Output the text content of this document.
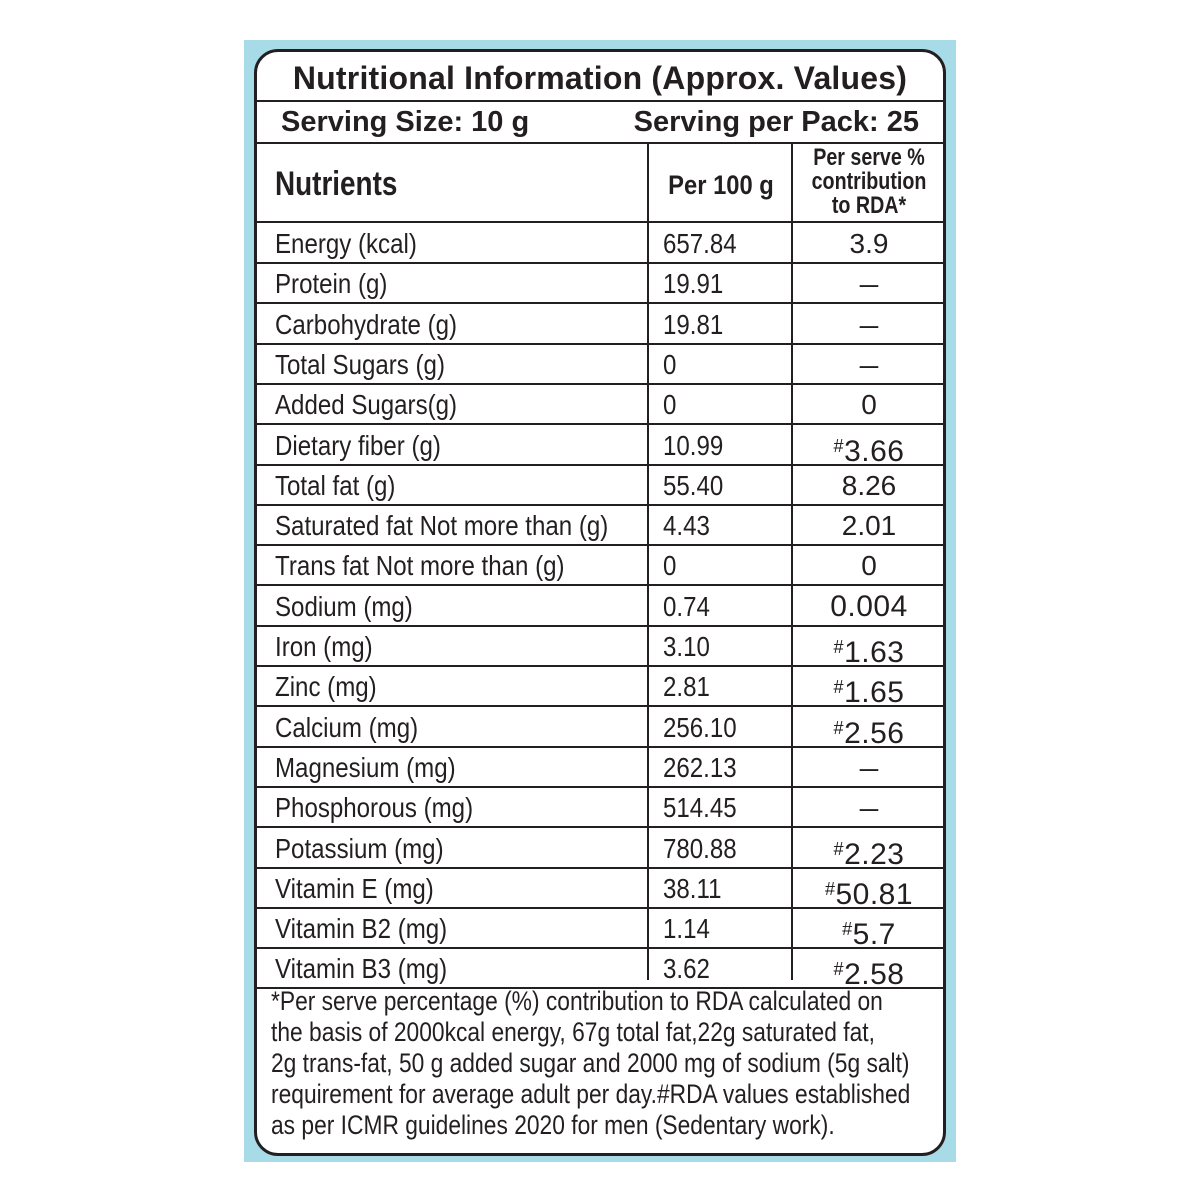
Nutritional Information (Approx. Values)
Serving Size: 10 g	Serving per Pack: 25
Nutrients	Per 100 g
Per serve %
contribution
to RDA*
Energy (kcal)	657.84	3.9
Protein (g)	19.91	–
Carbohydrate (g)	19.81	–
Total Sugars (g)	0	–
Added Sugars(g)	0	0
Dietary fiber (g)	10.99	#3.66
Total fat (g)	55.40	8.26
Saturated fat Not more than (g) 4.43	2.01
Trans fat Not more than (g)	0	0
Sodium (mg)	0.74	0.004
Iron (mg)	3.10	#1.63
Zinc (mg)	2.81	#1.65
Calcium (mg)	256.10	#2.56
Magnesium (mg)	262.13	–
Phosphorous (mg)	514.45	–
Potassium (mg)	780.88	#2.23
Vitamin E (mg)	38.11	#50.81
Vitamin B2 (mg)	1.14	#5.7
Vitamin B3 (mg)	3.62	#2.58
*Per serve percentage (%) contribution to RDA calculated on
the basis of 2000kcal energy, 67g total fat,22g saturated fat,
2g trans-fat, 50 g added sugar and 2000 mg of sodium (5g salt)
requirement for average adult per day.#RDA values established
as per ICMR guidelines 2020 for men (Sedentary work).
